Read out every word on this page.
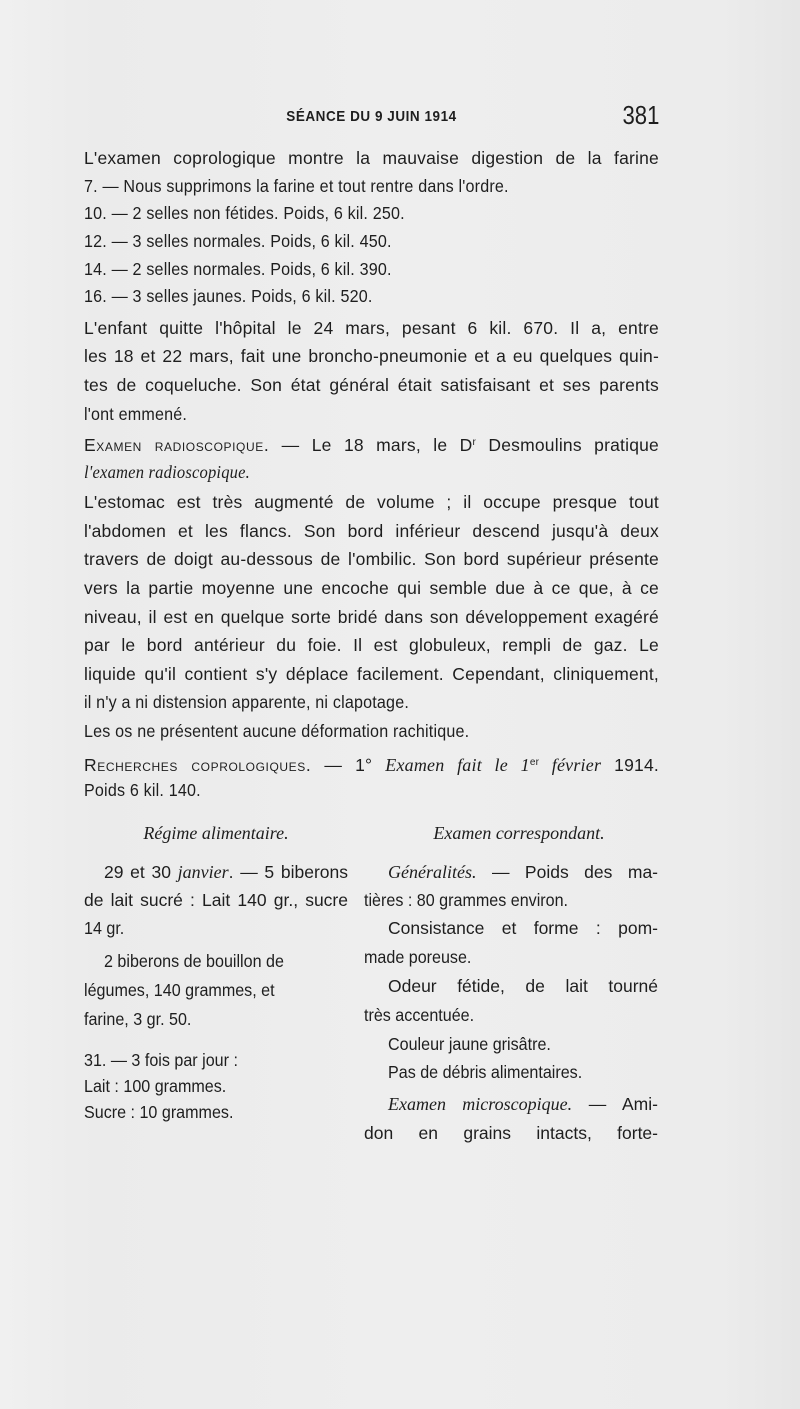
SÉANCE DU 9 JUIN 1914	381
L'examen coprologique montre la mauvaise digestion de la farine
7. — Nous supprimons la farine et tout rentre dans l'ordre.
10. — 2 selles non fétides. Poids, 6 kil. 250.
12. — 3 selles normales. Poids, 6 kil. 450.
14. — 2 selles normales. Poids, 6 kil. 390.
16. — 3 selles jaunes. Poids, 6 kil. 520.
L'enfant quitte l'hôpital le 24 mars, pesant 6 kil. 670. Il a, entre
les 18 et 22 mars, fait une broncho-pneumonie et a eu quelques quin-
tes de coqueluche. Son état général était satisfaisant et ses parents
l'ont emmené.
Examen radioscopique. — Le 18 mars, le $D^r$ Desmoulins pratique
l'examen radioscopique.
L'estomac est très augmenté de volume ; il occupe presque tout
l'abdomen et les flancs. Son bord inférieur descend jusqu'à deux
travers de doigt au-dessous de l'ombilic. Son bord supérieur présente
vers la partie moyenne une encoche qui semble due à ce que, à ce
niveau, il est en quelque sorte bridé dans son développement exagéré
par le bord antérieur du foie. Il est globuleux, rempli de gaz. Le
liquide qu'il contient s'y déplace facilement. Cependant, cliniquement,
il n'y a ni distension apparente, ni clapotage.
Les os ne présentent aucune déformation rachitique.
Recherches coprologiques. — 1° Examen fait le 1er février 1914.
Poids 6 kil. 140.
Régime alimentaire.
29 et 30 janvier. — 5 biberons
de lait sucré : Lait 140 gr., sucre
14 gr.
2 biberons de bouillon de
légumes, 140 grammes, et
farine, 3 gr. 50.
31. — 3 fois par jour :
Lait : 100 grammes.
Sucre : 10 grammes.
Examen correspondant.
Généralités. — Poids des ma-
tières : 80 grammes environ.
Consistance et forme : pom-
made poreuse.
Odeur fétide, de lait tourné
très accentuée.
Couleur jaune grisâtre.
Pas de débris alimentaires.
Examen microscopique. — Ami-
don en grains intacts, forte-
